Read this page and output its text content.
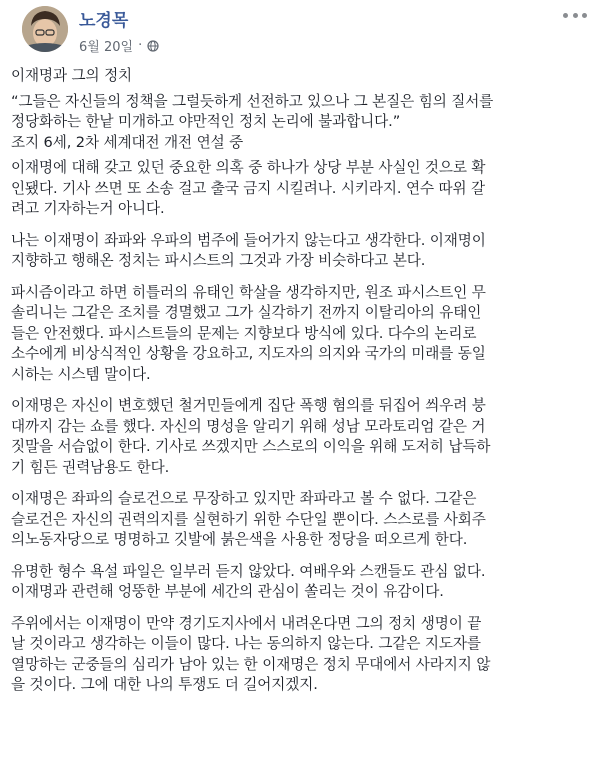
노경목
6월 20일 ·

이재명과 그의 정치

“그들은 자신들의 정책을 그럴듯하게 선전하고 있으나 그 본질은 힘의 질서를
정당화하는 한낱 미개하고 야만적인 정치 논리에 불과합니다.”

조지 6세, 2차 세계대전 개전 연설 중

이재명에 대해 갖고 있던 중요한 의혹 중 하나가 상당 부분 사실인 것으로 확
인됐다. 기사 쓰면 또 소송 걸고 출국 금지 시킬려나. 시키라지. 연수 따위 갈
려고 기자하는거 아니다.

나는 이재명이 좌파와 우파의 범주에 들어가지 않는다고 생각한다. 이재명이
지향하고 행해온 정치는 파시스트의 그것과 가장 비슷하다고 본다.

파시즘이라고 하면 히틀러의 유태인 학살을 생각하지만, 원조 파시스트인 무
솔리니는 그같은 조치를 경멸했고 그가 실각하기 전까지 이탈리아의 유태인
들은 안전했다. 파시스트들의 문제는 지향보다 방식에 있다. 다수의 논리로
소수에게 비상식적인 상황을 강요하고, 지도자의 의지와 국가의 미래를 동일
시하는 시스템 말이다.

이재명은 자신이 변호했던 철거민들에게 집단 폭행 혐의를 뒤집어 씌우려 붕
대까지 감는 쇼를 했다. 자신의 명성을 알리기 위해 성남 모라토리엄 같은 거
짓말을 서슴없이 한다. 기사로 쓰겠지만 스스로의 이익을 위해 도저히 납득하
기 힘든 권력남용도 한다.

이재명은 좌파의 슬로건으로 무장하고 있지만 좌파라고 볼 수 없다. 그같은
슬로건은 자신의 권력의지를 실현하기 위한 수단일 뿐이다. 스스로를 사회주
의노동자당으로 명명하고 깃발에 붉은색을 사용한 정당을 떠오르게 한다.

유명한 형수 욕설 파일은 일부러 듣지 않았다. 여배우와 스캔들도 관심 없다.
이재명과 관련해 엉뚱한 부분에 세간의 관심이 쏠리는 것이 유감이다.

주위에서는 이재명이 만약 경기도지사에서 내려온다면 그의 정치 생명이 끝
날 것이라고 생각하는 이들이 많다. 나는 동의하지 않는다. 그같은 지도자를
열망하는 군중들의 심리가 남아 있는 한 이재명은 정치 무대에서 사라지지 않
을 것이다. 그에 대한 나의 투쟁도 더 길어지겠지.
